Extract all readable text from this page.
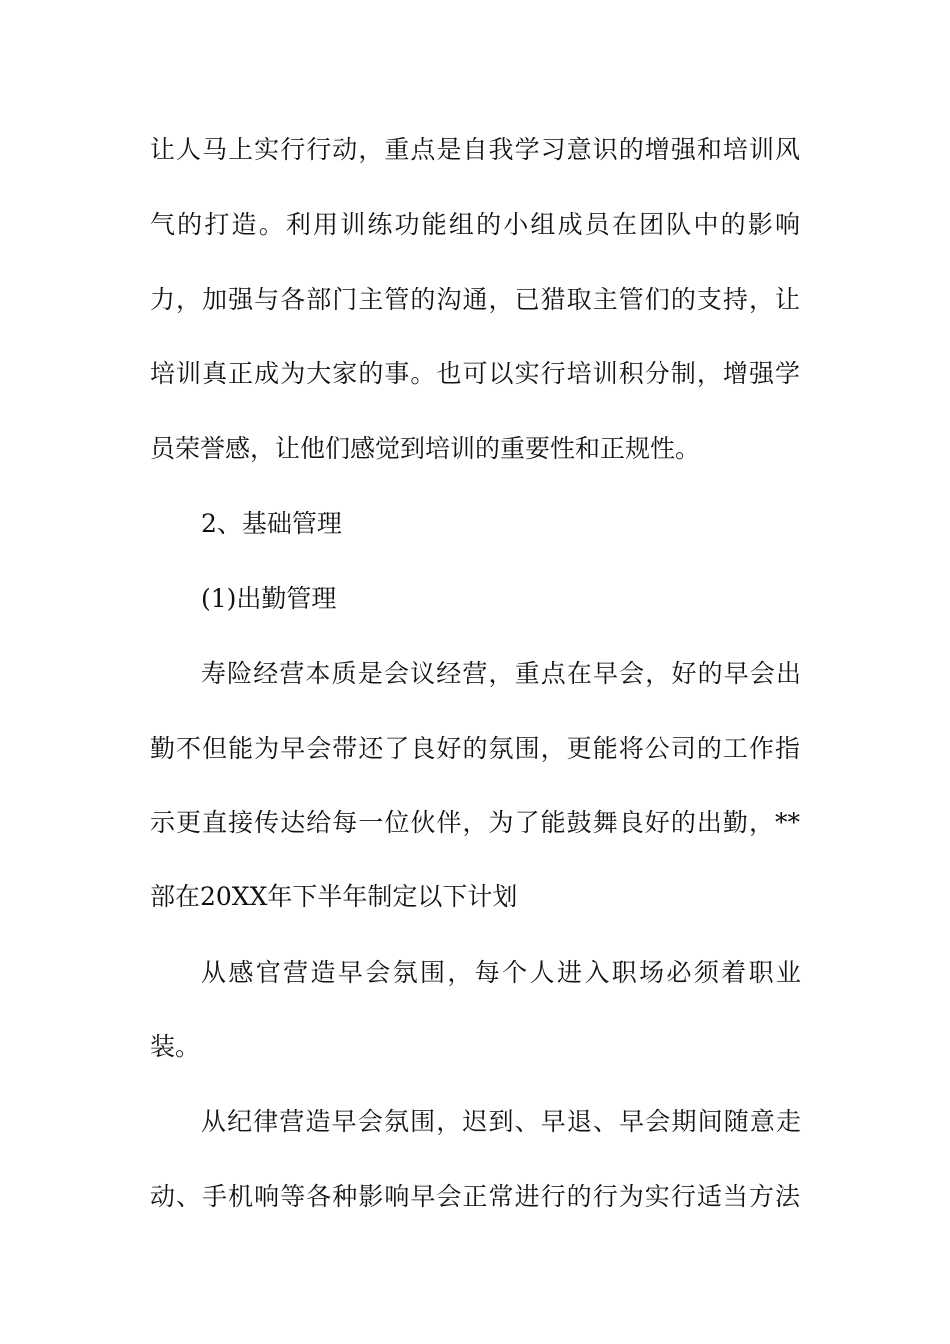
让人马上实行行动，重点是自我学习意识的增强和培训风
气的打造。利用训练功能组的小组成员在团队中的影响
力，加强与各部门主管的沟通，已猎取主管们的支持，让
培训真正成为大家的事。也可以实行培训积分制，增强学
员荣誉感，让他们感觉到培训的重要性和正规性。
2、基础管理
(1)出勤管理
寿险经营本质是会议经营，重点在早会，好的早会出
勤不但能为早会带还了良好的氛围，更能将公司的工作指
示更直接传达给每一位伙伴，为了能鼓舞良好的出勤，**
部在20XX年下半年制定以下计划
从感官营造早会氛围，每个人进入职场必须着职业
装。
从纪律营造早会氛围，迟到、早退、早会期间随意走
动、手机响等各种影响早会正常进行的行为实行适当方法
